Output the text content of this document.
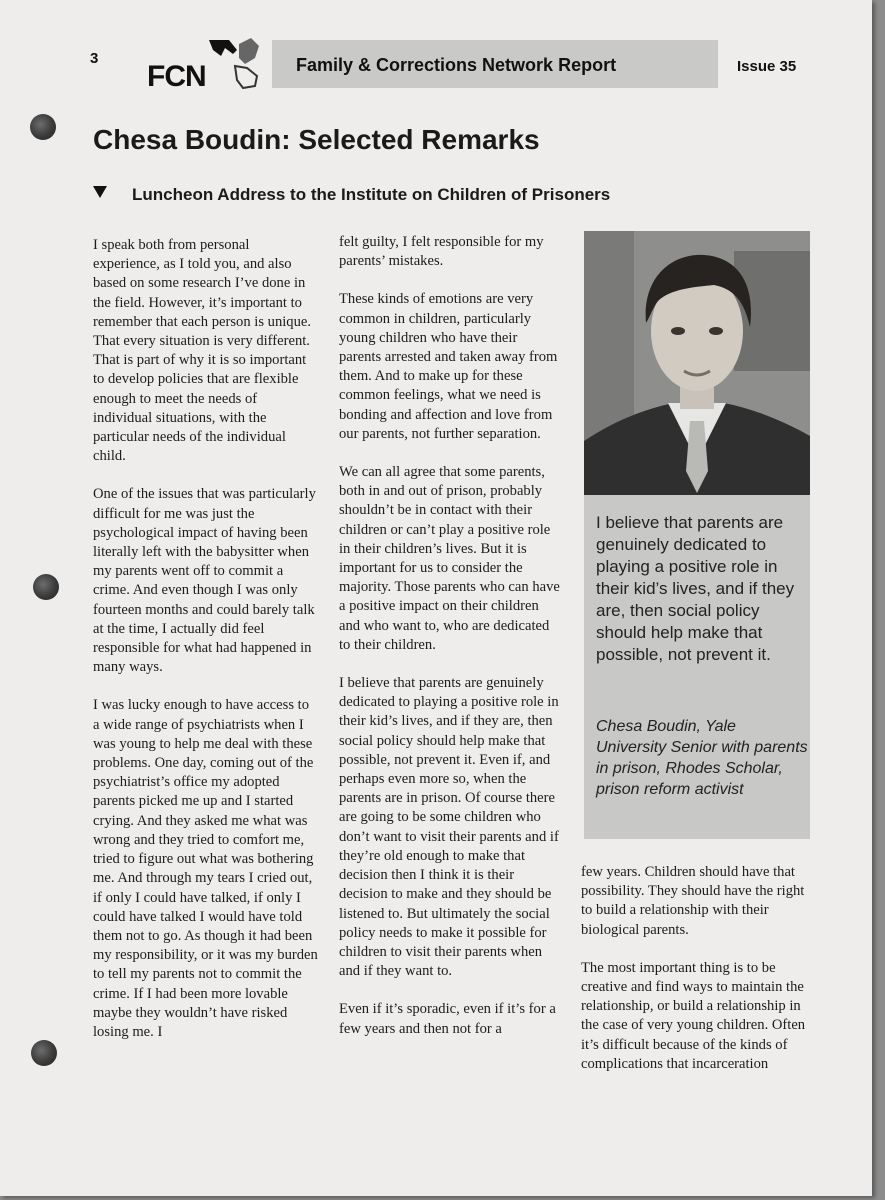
3
FCN	Family & Corrections Network Report	Issue 35
Chesa Boudin: Selected Remarks
Luncheon Address to the Institute on Children of Prisoners

I speak both from personal experience, as I told you, and also based on some research I’ve done in the field. However, it’s important to remember that each person is unique. That every situation is very different. That is part of why it is so important to develop policies that are flexible enough to meet the needs of individual situations, with the particular needs of the individual child.

One of the issues that was particularly difficult for me was just the psychological impact of having been literally left with the babysitter when my parents went off to commit a crime. And even though I was only fourteen months and could barely talk at the time, I actually did feel responsible for what had happened in many ways.

I was lucky enough to have access to a wide range of psychiatrists when I was young to help me deal with these problems. One day, coming out of the psychiatrist’s office my adopted parents picked me up and I started crying. And they asked me what was wrong and they tried to comfort me, tried to figure out what was bothering me. And through my tears I cried out, if only I could have talked, if only I could have talked I would have told them not to go. As though it had been my responsibility, or it was my burden to tell my parents not to commit the crime. If I had been more lovable maybe they wouldn’t have risked losing me. I

felt guilty, I felt responsible for my parents’ mistakes.

These kinds of emotions are very common in children, particularly young children who have their parents arrested and taken away from them. And to make up for these common feelings, what we need is bonding and affection and love from our parents, not further separation.

We can all agree that some parents, both in and out of prison, probably shouldn’t be in contact with their children or can’t play a positive role in their children’s lives. But it is important for us to consider the majority. Those parents who can have a positive impact on their children and who want to, who are dedicated to their children.

I believe that parents are genuinely dedicated to playing a positive role in their kid’s lives, and if they are, then social policy should help make that possible, not prevent it. Even if, and perhaps even more so, when the parents are in prison. Of course there are going to be some children who don’t want to visit their parents and if they’re old enough to make that decision then I think it is their decision to make and they should be listened to. But ultimately the social policy needs to make it possible for children to visit their parents when and if they want to.

Even if it’s sporadic, even if it’s for a few years and then not for a

I believe that parents are genuinely dedicated to playing a positive role in their kid’s lives, and if they are, then social policy should help make that possible, not prevent it.

Chesa Boudin, Yale University Senior with parents in prison, Rhodes Scholar, prison reform activist

few years. Children should have that possibility. They should have the right to build a relationship with their biological parents.

The most important thing is to be creative and find ways to maintain the relationship, or build a relationship in the case of very young children. Often it’s difficult because of the kinds of complications that incarceration
